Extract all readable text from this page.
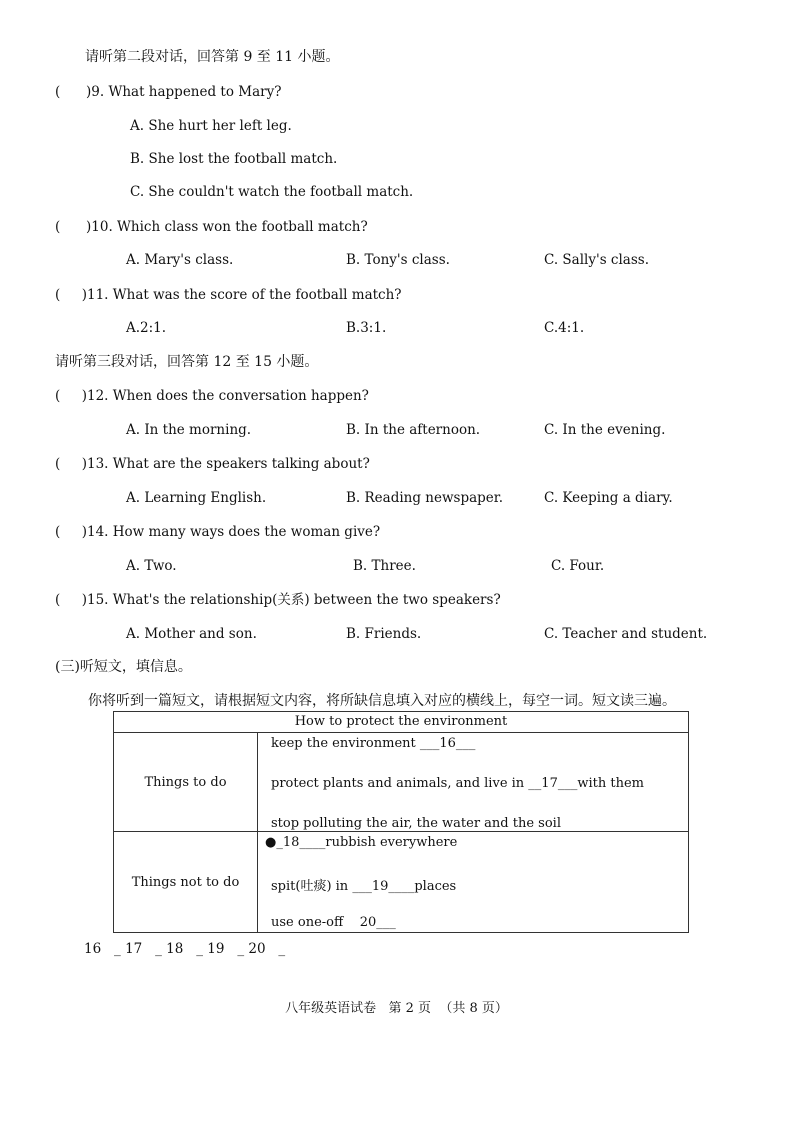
请听第二段对话，回答第 9 至 11 小题。
(      )9. What happened to Mary?
A. She hurt her left leg.
B. She lost the football match.
C. She couldn't watch the football match.
(      )10. Which class won the football match?
A. Mary's class.	B. Tony's class.	C. Sally's class.
(     )11. What was the score of the football match?
A.2:1.	B.3:1.	C.4:1.
请听第三段对话，回答第 12 至 15 小题。
(     )12. When does the conversation happen?
A. In the morning.	B. In the afternoon.	C. In the evening.
(     )13. What are the speakers talking about?
A. Learning English.	B. Reading newspaper.	C. Keeping a diary.
(     )14. How many ways does the woman give?
A. Two.	B. Three.	C. Four.
(     )15. What's the relationship(关系) between the two speakers?
A. Mother and son.	B. Friends.	C. Teacher and student.
(三)听短文，填信息。
你将听到一篇短文，请根据短文内容，将所缺信息填入对应的横线上，每空一词。短文读三遍。
How to protect the environment	
Things to do	keep the environment ___16___
protect plants and animals, and live in __17___with them
stop polluting the air, the water and the soil

Things not to do	●_18____rubbish everywhere
spit(吐痰) in ___19____places
use one-off    20___
16   _ 17   _ 18   _ 19   _ 20   _
八年级英语试卷   第 2 页  （共 8 页）
